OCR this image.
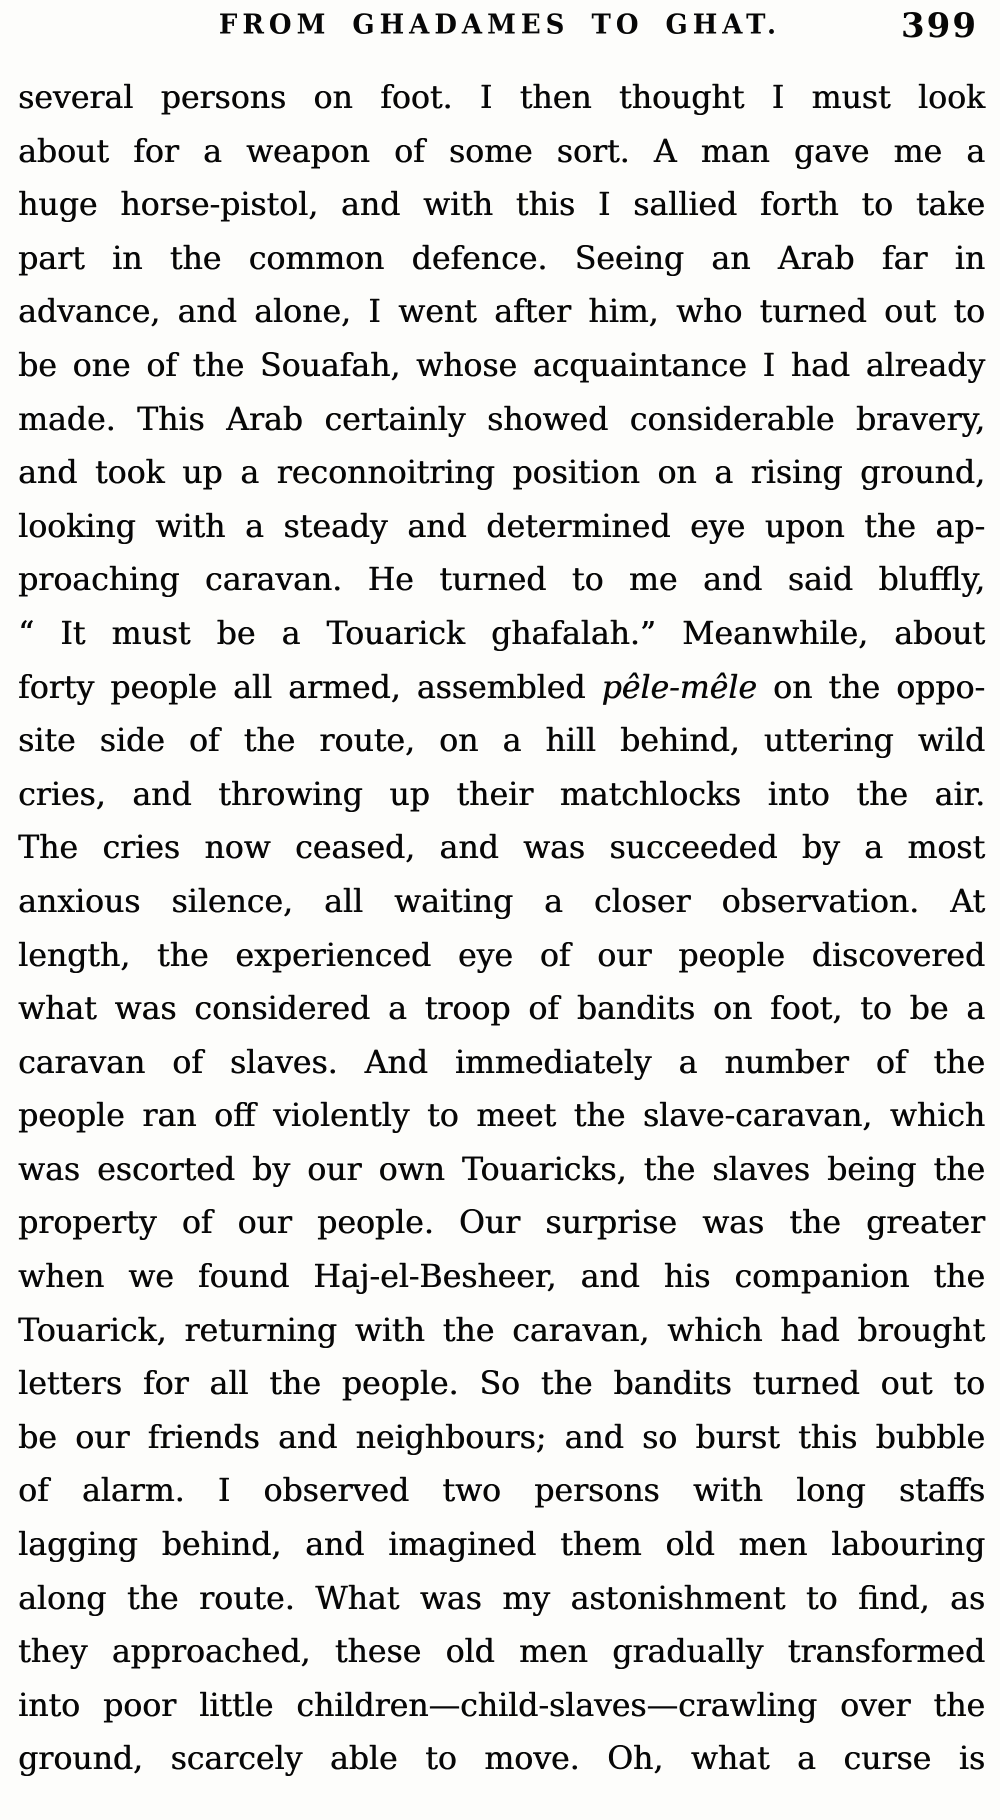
FROM GHADAMES TO GHAT.	399
several persons on foot. I then thought I must look
about for a weapon of some sort. A man gave me a
huge horse-pistol, and with this I sallied forth to take
part in the common defence. Seeing an Arab far in
advance, and alone, I went after him, who turned out to
be one of the Souafah, whose acquaintance I had already
made. This Arab certainly showed considerable bravery,
and took up a reconnoitring position on a rising ground,
looking with a steady and determined eye upon the ap-
proaching caravan. He turned to me and said bluffly,
“ It must be a Touarick ghafalah.” Meanwhile, about
forty people all armed, assembled pêle-mêle on the oppo-
site side of the route, on a hill behind, uttering wild
cries, and throwing up their matchlocks into the air.
The cries now ceased, and was succeeded by a most
anxious silence, all waiting a closer observation. At
length, the experienced eye of our people discovered
what was considered a troop of bandits on foot, to be a
caravan of slaves. And immediately a number of the
people ran off violently to meet the slave-caravan, which
was escorted by our own Touaricks, the slaves being the
property of our people. Our surprise was the greater
when we found Haj-el-Besheer, and his companion the
Touarick, returning with the caravan, which had brought
letters for all the people. So the bandits turned out to
be our friends and neighbours; and so burst this bubble
of alarm. I observed two persons with long staffs
lagging behind, and imagined them old men labouring
along the route. What was my astonishment to find, as
they approached, these old men gradually transformed
into poor little children—child-slaves—crawling over the
ground, scarcely able to move. Oh, what a curse is
